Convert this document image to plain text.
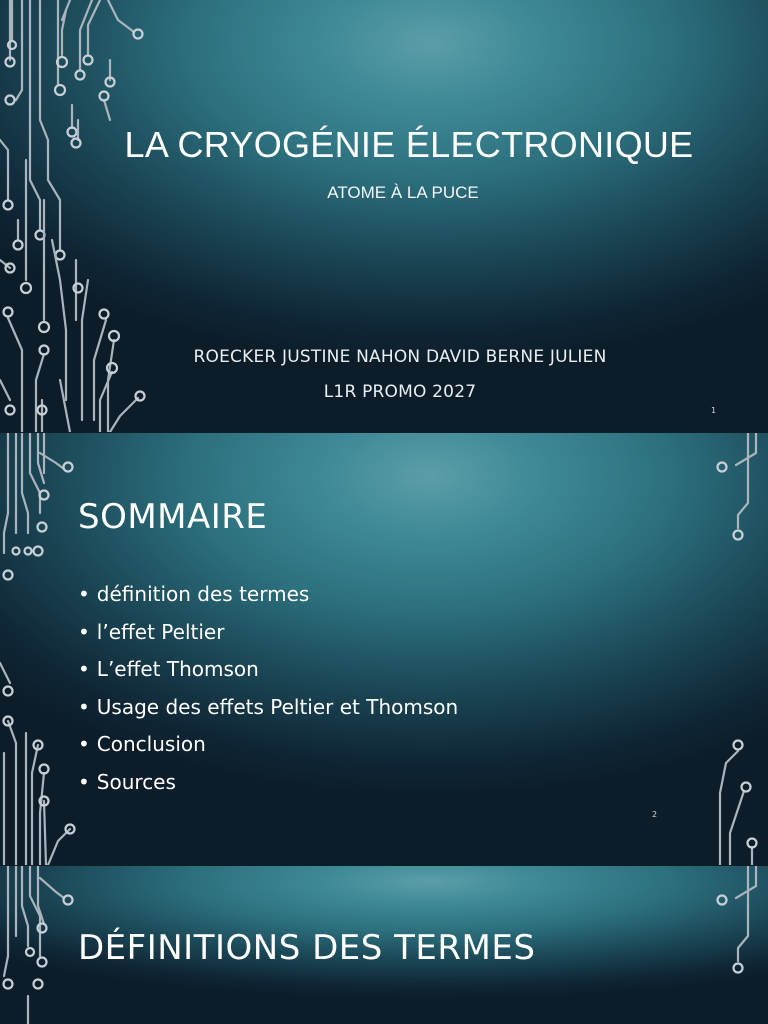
LA CRYOGÉNIE ÉLECTRONIQUE
ATOME À LA PUCE
ROECKER JUSTINE NAHON DAVID BERNE JULIEN
L1R PROMO 2027
1
2
SOMMAIRE
• définition des termes
• l’effet Peltier
• L’effet Thomson
• Usage des effets Peltier et Thomson
• Conclusion
• Sources
DÉFINITIONS DES TERMES
